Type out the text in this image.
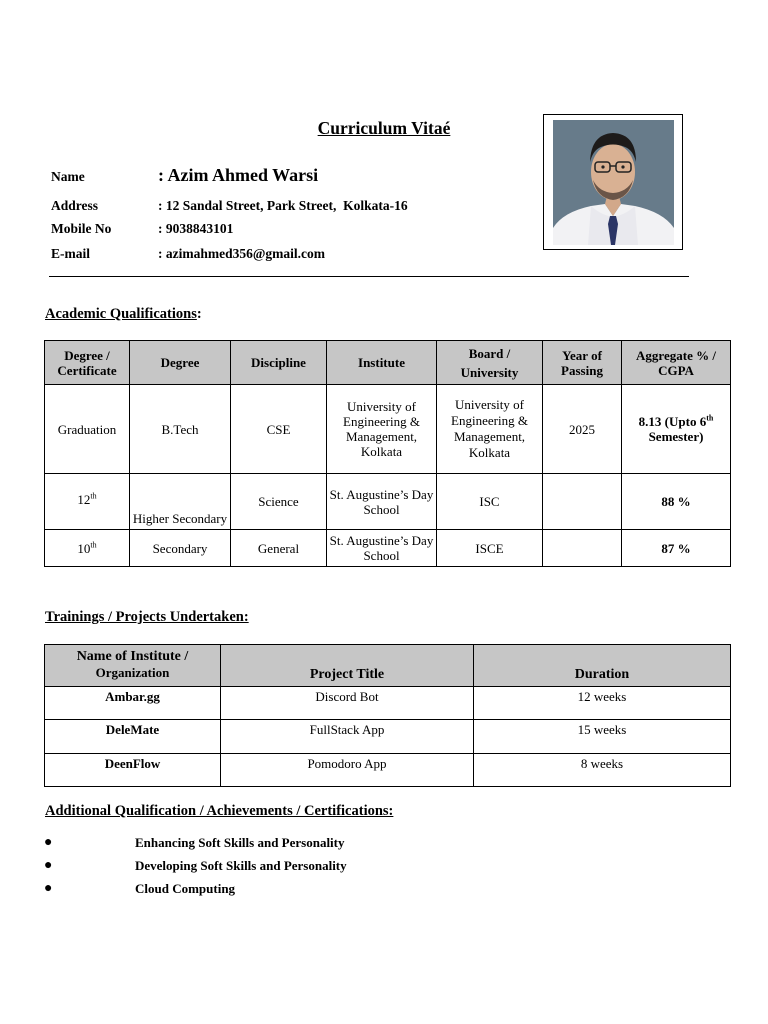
Curriculum Vitaé
Name	: Azim Ahmed Warsi
Address	: 12 Sandal Street, Park Street,  Kolkata-16
Mobile No	: 9038843101
E-mail	: azimahmed356@gmail.com
Academic Qualifications:
Degree / Certificate	Degree	Discipline	Institute	Board / University	Year of Passing	Aggregate % / CGPA
Graduation	B.Tech	CSE	University of Engineering & Management, Kolkata	University of Engineering & Management, Kolkata	2025	8.13 (Upto 6th
Semester)
12th	Higher Secondary	Science	St. Augustine’s Day School	ISC		88 %
10th	Secondary	General	St. Augustine’s Day School	ISCE		87 %
Trainings / Projects Undertaken:
Name of Institute /
Organization	Project Title	Duration
Ambar.gg	Discord Bot	12 weeks
DeleMate	FullStack App	15 weeks
DeenFlow	Pomodoro App	8 weeks
Additional Qualification / Achievements / Certifications:
●	Enhancing Soft Skills and Personality
●	Developing Soft Skills and Personality
●	Cloud Computing
